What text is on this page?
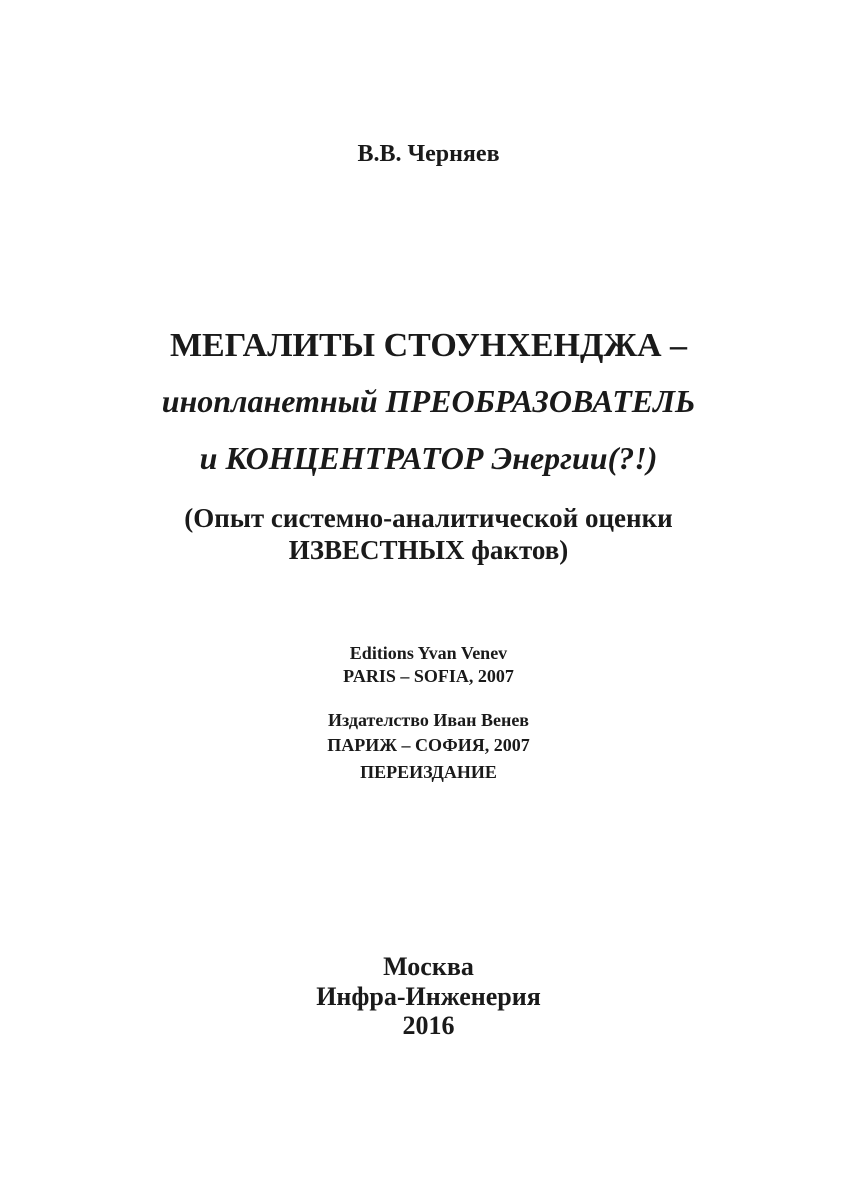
В.В. Черняев
МЕГАЛИТЫ СТОУНХЕНДЖА –
инопланетный ПРЕОБРАЗОВАТЕЛЬ
и КОНЦЕНТРАТОР Энергии(?!)
(Опыт системно-аналитической оценки
ИЗВЕСТНЫХ фактов)
Editions Yvan Venev
PARIS – SOFIA, 2007
Издателство Иван Венев
ПАРИЖ – СОФИЯ, 2007
ПЕРЕИЗДАНИЕ
Москва
Инфра-Инженерия
2016
